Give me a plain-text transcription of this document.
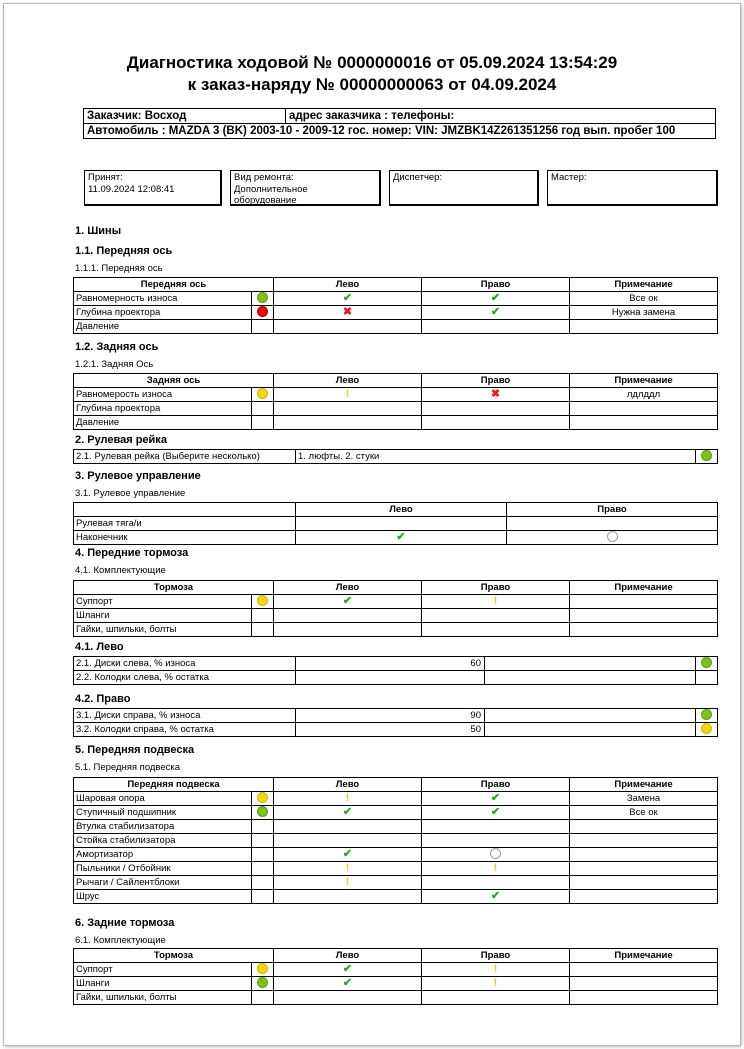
Диагностика ходовой № 0000000016 от 05.09.2024 13:54:29
к заказ-наряду № 00000000063 от 04.09.2024
Заказчик: Восход	адрес заказчика : телефоны:
Автомобиль : MAZDA 3 (BK) 2003-10 - 2009-12 гос. номер: VIN: JMZBK14Z261351256 год вып. пробег 100
Принят:
11.09.2024 12:08:41
Вид ремонта:
Дополнительное оборудование
Диспетчер:	Мастер:
1. Шины
1.1. Передняя ось
1.1.1. Передняя ось
Передняя ось		Лево	Право	Примечание
Равномерность износа		✔	✔	Все ок
Глубина проектора		✖	✔	Нужна замена
Давление				
1.2. Задняя ось
1.2.1. Задняя Ось
Задняя ось		Лево	Право	Примечание
Равномерость износа		!	✖	лдлддл
Глубина проектора				
Давление				
2. Рулевая рейка
2.1. Рулевая рейка (Выберите несколько)	1. люфты. 2. стуки	
3. Рулевое управление
3.1. Рулевое управление
	Лево	Право
Рулевая тяга/и		
Наконечник	✔	
4. Передние тормоза
4.1. Комплектующие
Тормоза		Лево	Право	Примечание
Суппорт		✔	!	
Шланги				
Гайки, шпильки, болты				
4.1. Лево
2.1. Диски слева, % износа	60		
2.2. Колодки слева, % остатка			
4.2. Право
3.1. Диски справа, % износа	90		
3.2. Колодки справа, % остатка	50		
5. Передняя подвеска
5.1. Передняя подвеска
Передняя подвеска		Лево	Право	Примечание
Шаровая опора		!	✔	Замена
Ступичный подшипник		✔	✔	Все ок
Втулка стабилизатора				
Стойка стабилизатора				
Амортизатор		✔		
Пыльники / Отбойник		!	!	
Рычаги / Сайлентблоки		!		
Шрус			✔	
6. Задние тормоза
6.1. Комплектующие
Тормоза		Лево	Право	Примечание
Суппорт		✔	!	
Шланги		✔	!	
Гайки, шпильки, болты				
